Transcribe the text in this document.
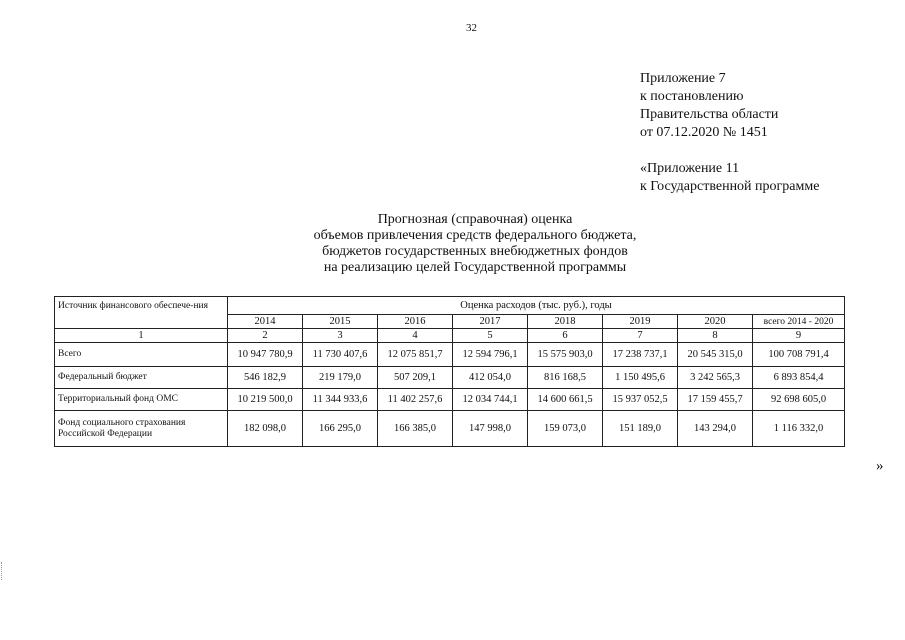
32
Приложение 7
к постановлению
Правительства области
от 07.12.2020 № 1451
«Приложение 11
к Государственной программе
Прогнозная (справочная) оценка
объемов привлечения средств федерального бюджета,
бюджетов государственных внебюджетных фондов
на реализацию целей Государственной программы
Источник финансового обеспече-ния	Оценка расходов (тыс. руб.), годы							
	2014	2015	2016	2017	2018	2019	2020	всего 2014 - 2020
1	2	3	4	5	6	7	8	9
Всего	10 947 780,9	11 730 407,6	12 075 851,7	12 594 796,1	15 575 903,0	17 238 737,1	20 545 315,0	100 708 791,4
Федеральный бюджет	546 182,9	219 179,0	507 209,1	412 054,0	816 168,5	1 150 495,6	3 242 565,3	6 893 854,4
Территориальный фонд ОМС	10 219 500,0	11 344 933,6	11 402 257,6	12 034 744,1	14 600 661,5	15 937 052,5	17 159 455,7	92 698 605,0
Фонд социального страхования Российской Федерации	182 098,0	166 295,0	166 385,0	147 998,0	159 073,0	151 189,0	143 294,0	1 116 332,0
»
